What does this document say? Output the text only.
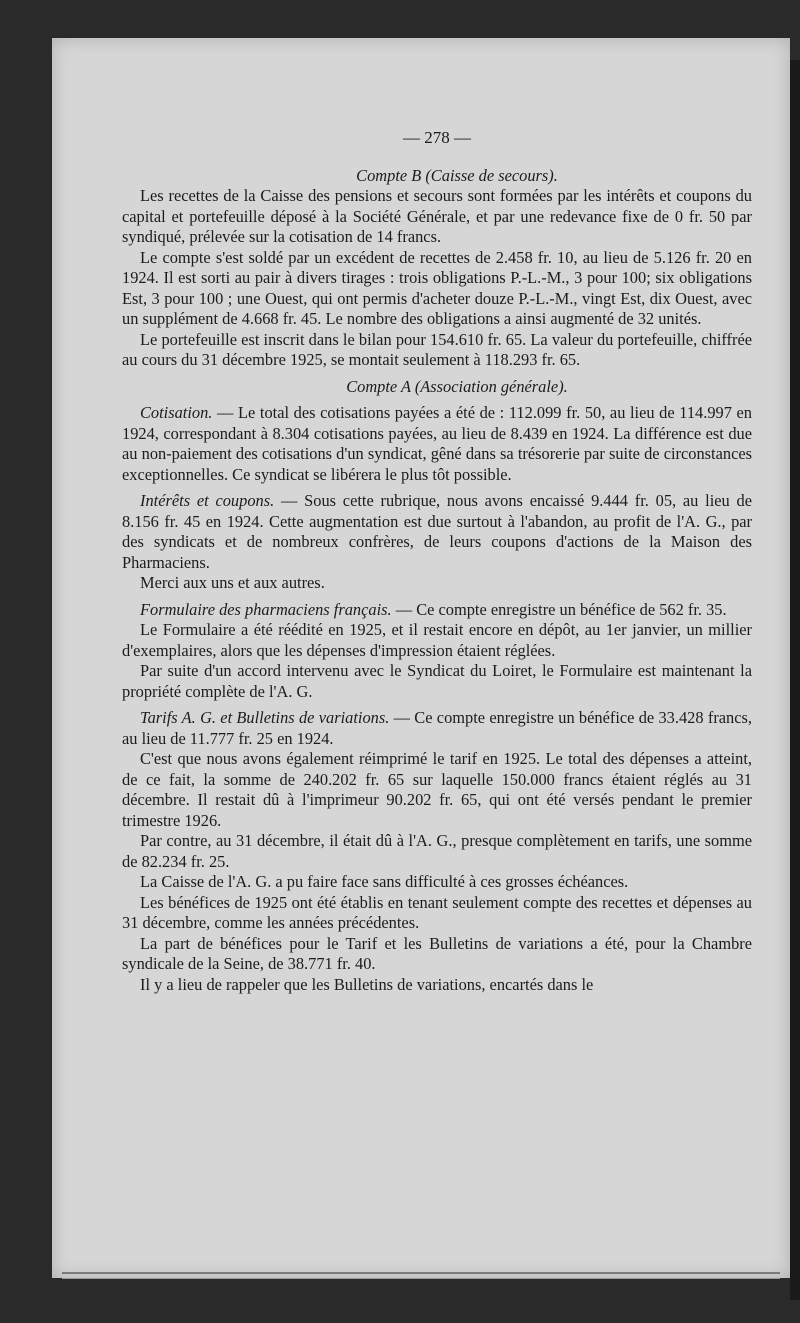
— 278 —
Compte B (Caisse de secours).

Les recettes de la Caisse des pensions et secours sont formées par les intérêts et coupons du capital et portefeuille déposé à la Société Générale, et par une redevance fixe de 0 fr. 50 par syndiqué, prélevée sur la cotisation de 14 francs.

Le compte s'est soldé par un excédent de recettes de 2.458 fr. 10, au lieu de 5.126 fr. 20 en 1924. Il est sorti au pair à divers tirages : trois obligations P.-L.-M., 3 pour 100; six obligations Est, 3 pour 100 ; une Ouest, qui ont permis d'acheter douze P.-L.-M., vingt Est, dix Ouest, avec un supplément de 4.668 fr. 45. Le nombre des obligations a ainsi augmenté de 32 unités.

Le portefeuille est inscrit dans le bilan pour 154.610 fr. 65. La valeur du portefeuille, chiffrée au cours du 31 décembre 1925, se montait seulement à 118.293 fr. 65.

Compte A (Association générale).

Cotisation. — Le total des cotisations payées a été de : 112.099 fr. 50, au lieu de 114.997 en 1924, correspondant à 8.304 cotisations payées, au lieu de 8.439 en 1924. La différence est due au non-paiement des cotisations d'un syndicat, gêné dans sa trésorerie par suite de circonstances exceptionnelles. Ce syndicat se libérera le plus tôt possible.

Intérêts et coupons. — Sous cette rubrique, nous avons encaissé 9.444 fr. 05, au lieu de 8.156 fr. 45 en 1924. Cette augmentation est due surtout à l'abandon, au profit de l'A. G., par des syndicats et de nombreux confrères, de leurs coupons d'actions de la Maison des Pharmaciens.

Merci aux uns et aux autres.

Formulaire des pharmaciens français. — Ce compte enregistre un bénéfice de 562 fr. 35.

Le Formulaire a été réédité en 1925, et il restait encore en dépôt, au 1er janvier, un millier d'exemplaires, alors que les dépenses d'impression étaient réglées.

Par suite d'un accord intervenu avec le Syndicat du Loiret, le Formulaire est maintenant la propriété complète de l'A. G.

Tarifs A. G. et Bulletins de variations. — Ce compte enregistre un bénéfice de 33.428 francs, au lieu de 11.777 fr. 25 en 1924.

C'est que nous avons également réimprimé le tarif en 1925. Le total des dépenses a atteint, de ce fait, la somme de 240.202 fr. 65 sur laquelle 150.000 francs étaient réglés au 31 décembre. Il restait dû à l'imprimeur 90.202 fr. 65, qui ont été versés pendant le premier trimestre 1926.

Par contre, au 31 décembre, il était dû à l'A. G., presque complètement en tarifs, une somme de 82.234 fr. 25.

La Caisse de l'A. G. a pu faire face sans difficulté à ces grosses échéances.

Les bénéfices de 1925 ont été établis en tenant seulement compte des recettes et dépenses au 31 décembre, comme les années précédentes.

La part de bénéfices pour le Tarif et les Bulletins de variations a été, pour la Chambre syndicale de la Seine, de 38.771 fr. 40.

Il y a lieu de rappeler que les Bulletins de variations, encartés dans le
